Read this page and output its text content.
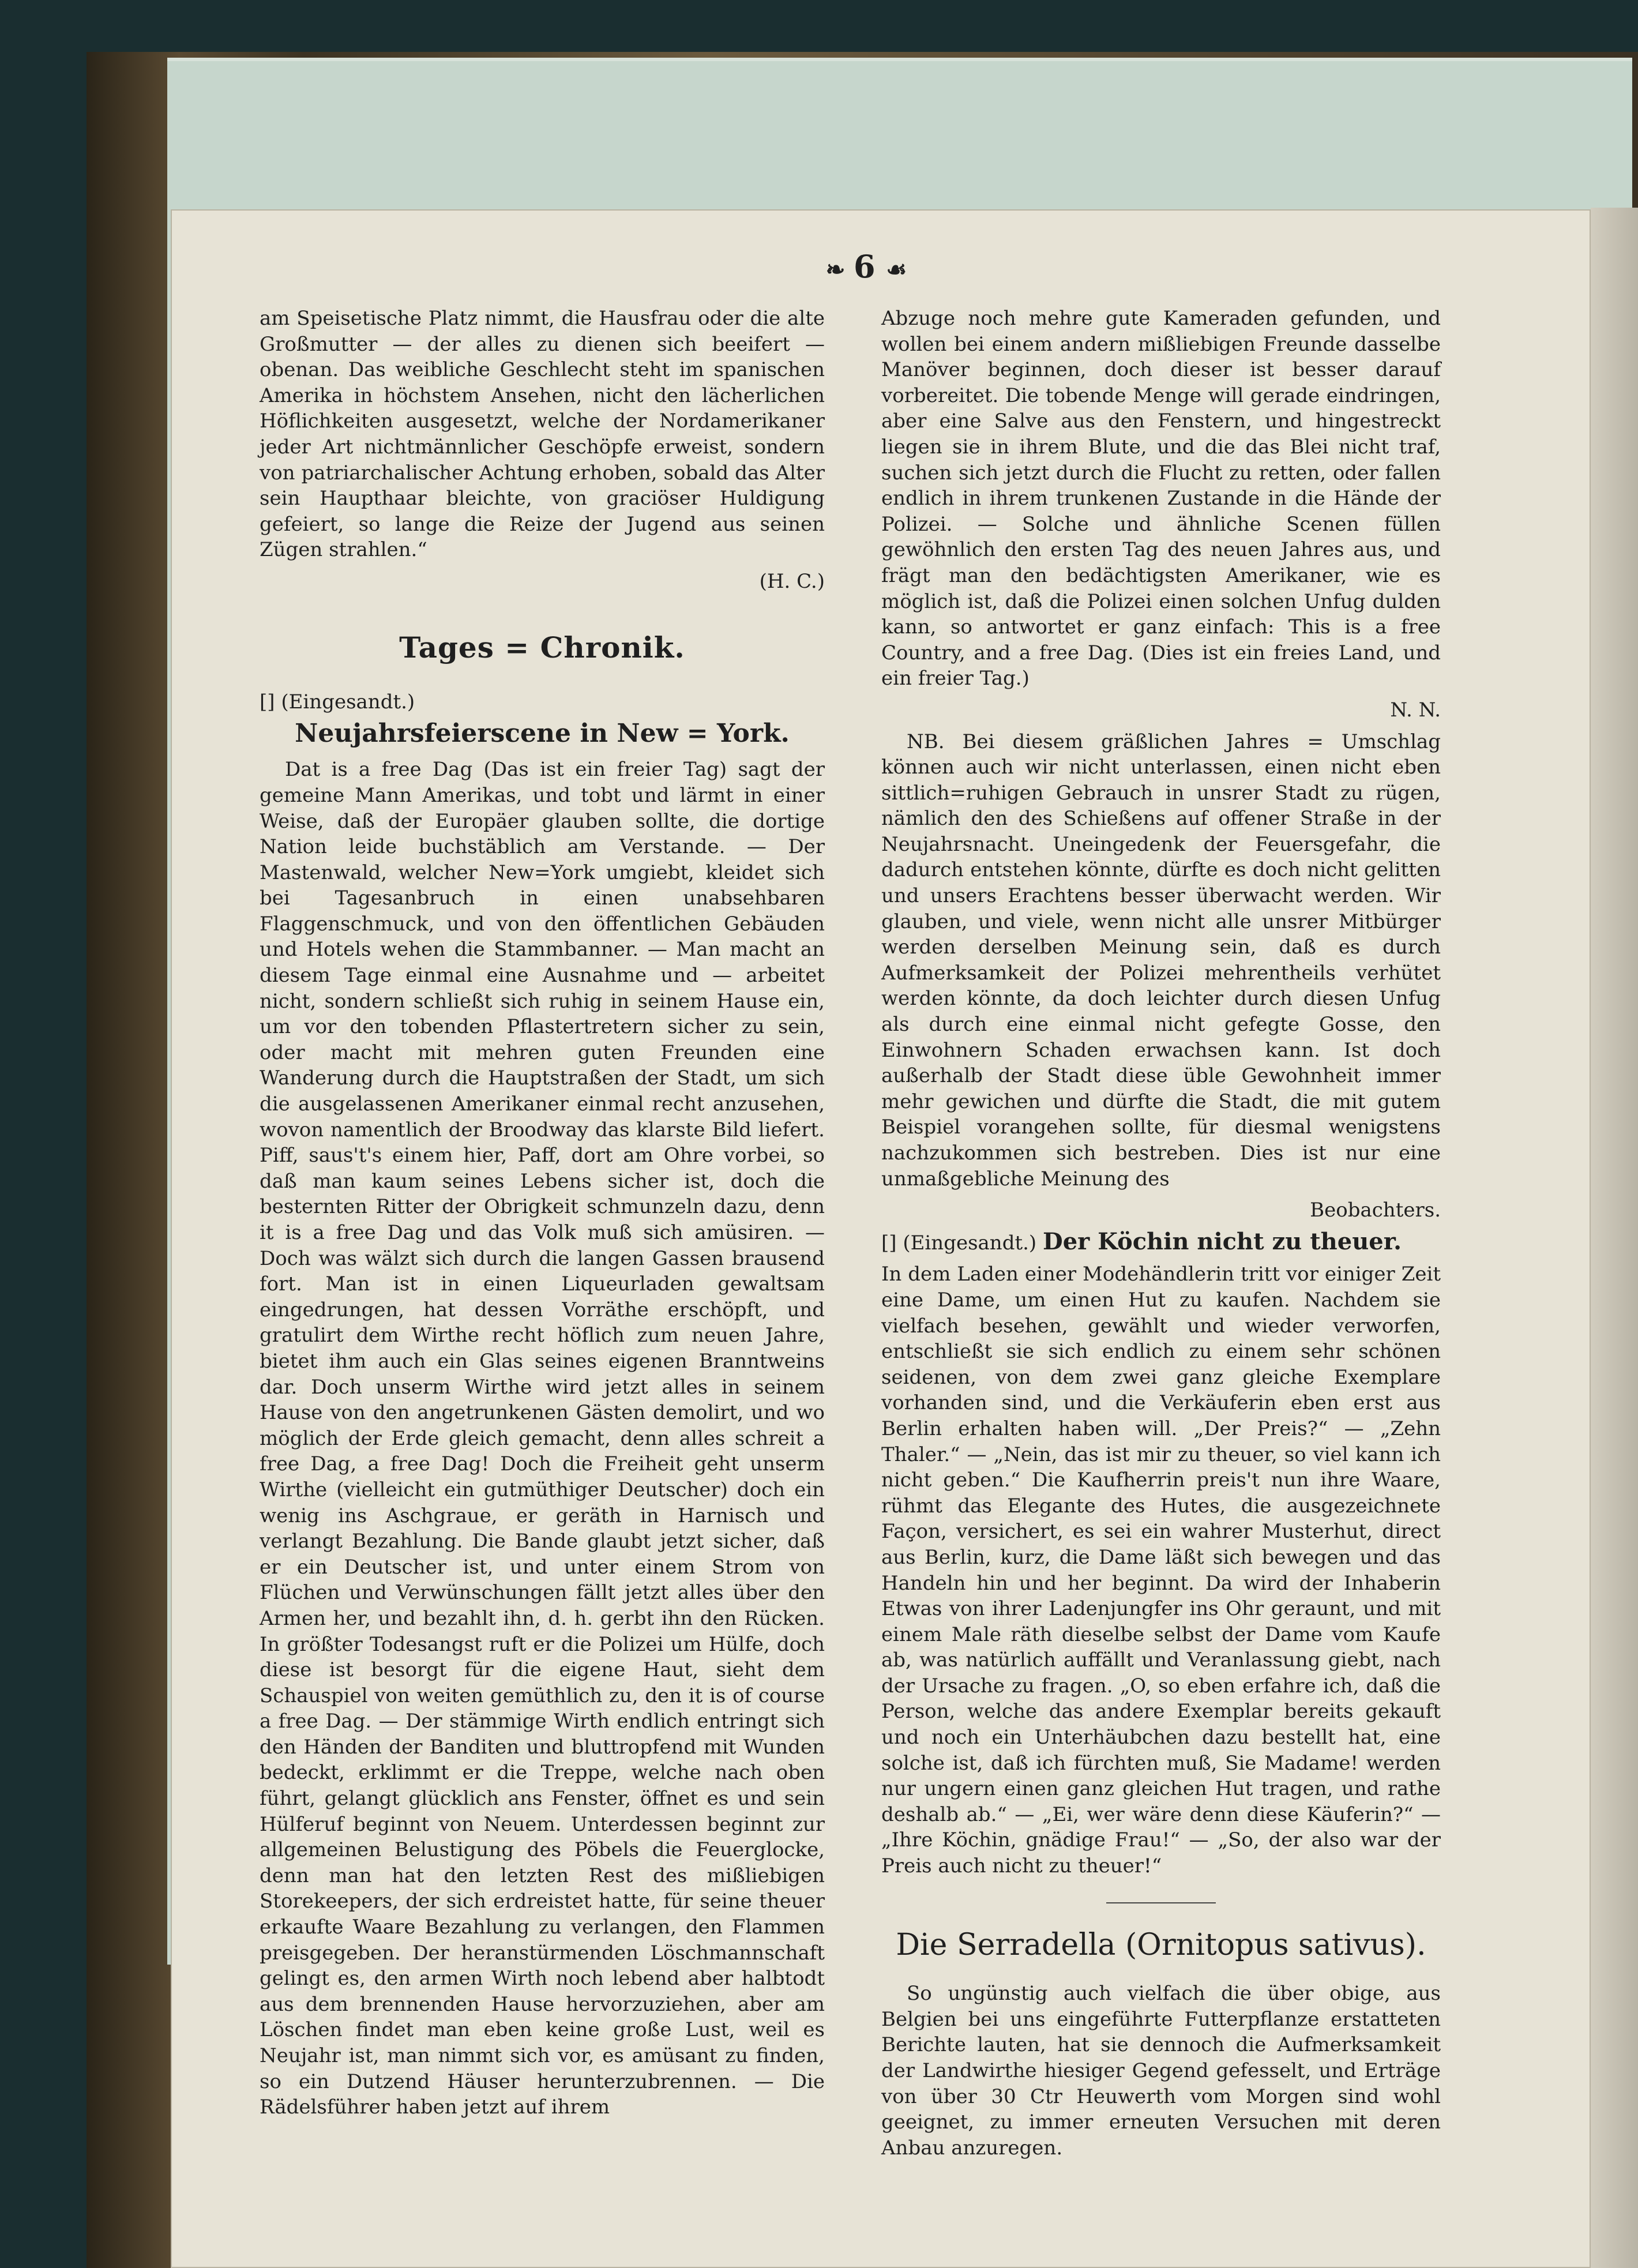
❧ 6 ☙

am Speisetische Platz nimmt, die Hausfrau oder die alte Großmutter — der alles zu dienen sich beeifert — obenan. Das weibliche Geschlecht steht im spanischen Amerika in höchstem Ansehen, nicht den lächerlichen Höflichkeiten ausgesetzt, welche der Nordamerikaner jeder Art nichtmännlicher Geschöpfe erweist, sondern von patriarchalischer Achtung erhoben, sobald das Alter sein Haupthaar bleichte, von graciöser Huldigung gefeiert, so lange die Reize der Jugend aus seinen Zügen strahlen.“

(H. C.)

Tages = Chronik.

[] (Eingesandt.)

Neujahrsfeierscene in New = York.

Dat is a free Dag (Das ist ein freier Tag) sagt der gemeine Mann Amerikas, und tobt und lärmt in einer Weise, daß der Europäer glauben sollte, die dortige Nation leide buchstäblich am Verstande. — Der Mastenwald, welcher New=York umgiebt, kleidet sich bei Tagesanbruch in einen unabsehbaren Flaggenschmuck, und von den öffentlichen Gebäuden und Hotels wehen die Stammbanner. — Man macht an diesem Tage einmal eine Ausnahme und — arbeitet nicht, sondern schließt sich ruhig in seinem Hause ein, um vor den tobenden Pflastertretern sicher zu sein, oder macht mit mehren guten Freunden eine Wanderung durch die Hauptstraßen der Stadt, um sich die ausgelassenen Amerikaner einmal recht anzusehen, wovon namentlich der Broodway das klarste Bild liefert. Piff, saus't's einem hier, Paff, dort am Ohre vorbei, so daß man kaum seines Lebens sicher ist, doch die besternten Ritter der Obrigkeit schmunzeln dazu, denn it is a free Dag und das Volk muß sich amüsiren. — Doch was wälzt sich durch die langen Gassen brausend fort. Man ist in einen Liqueurladen gewaltsam eingedrungen, hat dessen Vorräthe erschöpft, und gratulirt dem Wirthe recht höflich zum neuen Jahre, bietet ihm auch ein Glas seines eigenen Branntweins dar. Doch unserm Wirthe wird jetzt alles in seinem Hause von den angetrunkenen Gästen demolirt, und wo möglich der Erde gleich gemacht, denn alles schreit a free Dag, a free Dag! Doch die Freiheit geht unserm Wirthe (vielleicht ein gutmüthiger Deutscher) doch ein wenig ins Aschgraue, er geräth in Harnisch und verlangt Bezahlung. Die Bande glaubt jetzt sicher, daß er ein Deutscher ist, und unter einem Strom von Flüchen und Verwünschungen fällt jetzt alles über den Armen her, und bezahlt ihn, d. h. gerbt ihn den Rücken. In größter Todesangst ruft er die Polizei um Hülfe, doch diese ist besorgt für die eigene Haut, sieht dem Schauspiel von weiten gemüthlich zu, den it is of course a free Dag. — Der stämmige Wirth endlich entringt sich den Händen der Banditen und bluttropfend mit Wunden bedeckt, erklimmt er die Treppe, welche nach oben führt, gelangt glücklich ans Fenster, öffnet es und sein Hülferuf beginnt von Neuem. Unterdessen beginnt zur allgemeinen Belustigung des Pöbels die Feuerglocke, denn man hat den letzten Rest des mißliebigen Storekeepers, der sich erdreistet hatte, für seine theuer erkaufte Waare Bezahlung zu verlangen, den Flammen preisgegeben. Der heranstürmenden Löschmannschaft gelingt es, den armen Wirth noch lebend aber halbtodt aus dem brennenden Hause hervorzuziehen, aber am Löschen findet man eben keine große Lust, weil es Neujahr ist, man nimmt sich vor, es amüsant zu finden, so ein Dutzend Häuser herunterzubrennen. — Die Rädelsführer haben jetzt auf ihrem

Abzuge noch mehre gute Kameraden gefunden, und wollen bei einem andern mißliebigen Freunde dasselbe Manöver beginnen, doch dieser ist besser darauf vorbereitet. Die tobende Menge will gerade eindringen, aber eine Salve aus den Fenstern, und hingestreckt liegen sie in ihrem Blute, und die das Blei nicht traf, suchen sich jetzt durch die Flucht zu retten, oder fallen endlich in ihrem trunkenen Zustande in die Hände der Polizei. — Solche und ähnliche Scenen füllen gewöhnlich den ersten Tag des neuen Jahres aus, und frägt man den bedächtigsten Amerikaner, wie es möglich ist, daß die Polizei einen solchen Unfug dulden kann, so antwortet er ganz einfach: This is a free Country, and a free Dag. (Dies ist ein freies Land, und ein freier Tag.)

N. N.

NB. Bei diesem gräßlichen Jahres = Umschlag können auch wir nicht unterlassen, einen nicht eben sittlich=ruhigen Gebrauch in unsrer Stadt zu rügen, nämlich den des Schießens auf offener Straße in der Neujahrsnacht. Uneingedenk der Feuersgefahr, die dadurch entstehen könnte, dürfte es doch nicht gelitten und unsers Erachtens besser überwacht werden. Wir glauben, und viele, wenn nicht alle unsrer Mitbürger werden derselben Meinung sein, daß es durch Aufmerksamkeit der Polizei mehrentheils verhütet werden könnte, da doch leichter durch diesen Unfug als durch eine einmal nicht gefegte Gosse, den Einwohnern Schaden erwachsen kann. Ist doch außerhalb der Stadt diese üble Gewohnheit immer mehr gewichen und dürfte die Stadt, die mit gutem Beispiel vorangehen sollte, für diesmal wenigstens nachzukommen sich bestreben. Dies ist nur eine unmaßgebliche Meinung des

Beobachters.

[] (Eingesandt.) Der Köchin nicht zu theuer.

In dem Laden einer Modehändlerin tritt vor einiger Zeit eine Dame, um einen Hut zu kaufen. Nachdem sie vielfach besehen, gewählt und wieder verworfen, entschließt sie sich endlich zu einem sehr schönen seidenen, von dem zwei ganz gleiche Exemplare vorhanden sind, und die Verkäuferin eben erst aus Berlin erhalten haben will. „Der Preis?“ — „Zehn Thaler.“ — „Nein, das ist mir zu theuer, so viel kann ich nicht geben.“ Die Kaufherrin preis't nun ihre Waare, rühmt das Elegante des Hutes, die ausgezeichnete Façon, versichert, es sei ein wahrer Musterhut, direct aus Berlin, kurz, die Dame läßt sich bewegen und das Handeln hin und her beginnt. Da wird der Inhaberin Etwas von ihrer Ladenjungfer ins Ohr geraunt, und mit einem Male räth dieselbe selbst der Dame vom Kaufe ab, was natürlich auffällt und Veranlassung giebt, nach der Ursache zu fragen. „O, so eben erfahre ich, daß die Person, welche das andere Exemplar bereits gekauft und noch ein Unterhäubchen dazu bestellt hat, eine solche ist, daß ich fürchten muß, Sie Madame! werden nur ungern einen ganz gleichen Hut tragen, und rathe deshalb ab.“ — „Ei, wer wäre denn diese Käuferin?“ — „Ihre Köchin, gnädige Frau!“ — „So, der also war der Preis auch nicht zu theuer!“

Die Serradella (Ornitopus sativus).

So ungünstig auch vielfach die über obige, aus Belgien bei uns eingeführte Futterpflanze erstatteten Berichte lauten, hat sie dennoch die Aufmerksamkeit der Landwirthe hiesiger Gegend gefesselt, und Erträge von über 30 Ctr Heuwerth vom Morgen sind wohl geeignet, zu immer erneuten Versuchen mit deren Anbau anzuregen.
